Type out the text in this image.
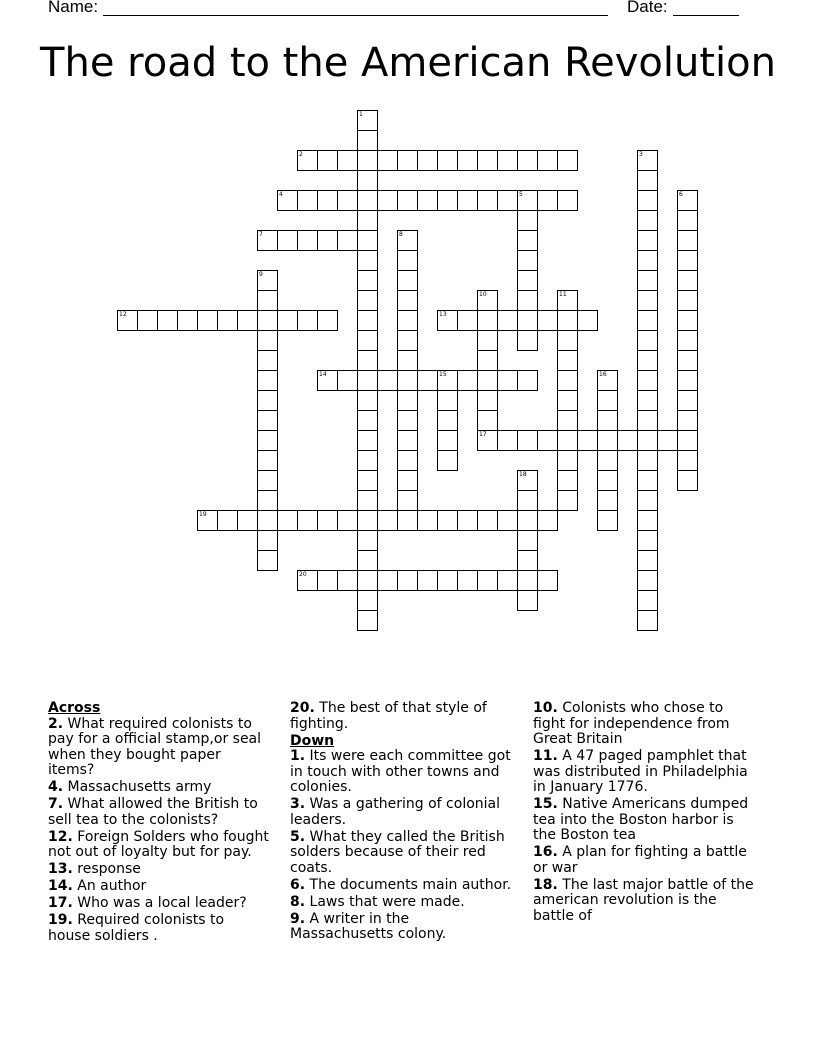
Name:	Date:
The road to the American Revolution
1
2	3
4	5	6
7	8
9
10
17
11
12	13
14	15	16
18
19
20
Across
2. What required colonists to pay for a official stamp,or seal when they bought paper items?
4. Massachusetts army
7. What allowed the British to sell tea to the colonists?
12. Foreign Solders who fought not out of loyalty but for pay.
13. response
14. An author
17. Who was a local leader?
19. Required colonists to house soldiers .
20. The best of that style of fighting.
Down
1. Its were each committee got in touch with other towns and colonies.
3. Was a gathering of colonial leaders.
5. What they called the British solders because of their red coats.
6. The documents main author.
8. Laws that were made.
9. A writer in the Massachusetts colony.
10. Colonists who chose to fight for independence from Great Britain
11. A 47 paged pamphlet that was distributed in Philadelphia in January 1776.
15. Native Americans dumped tea into the Boston harbor is the Boston tea
16. A plan for fighting a battle or war
18. The last major battle of the american revolution is the battle of
